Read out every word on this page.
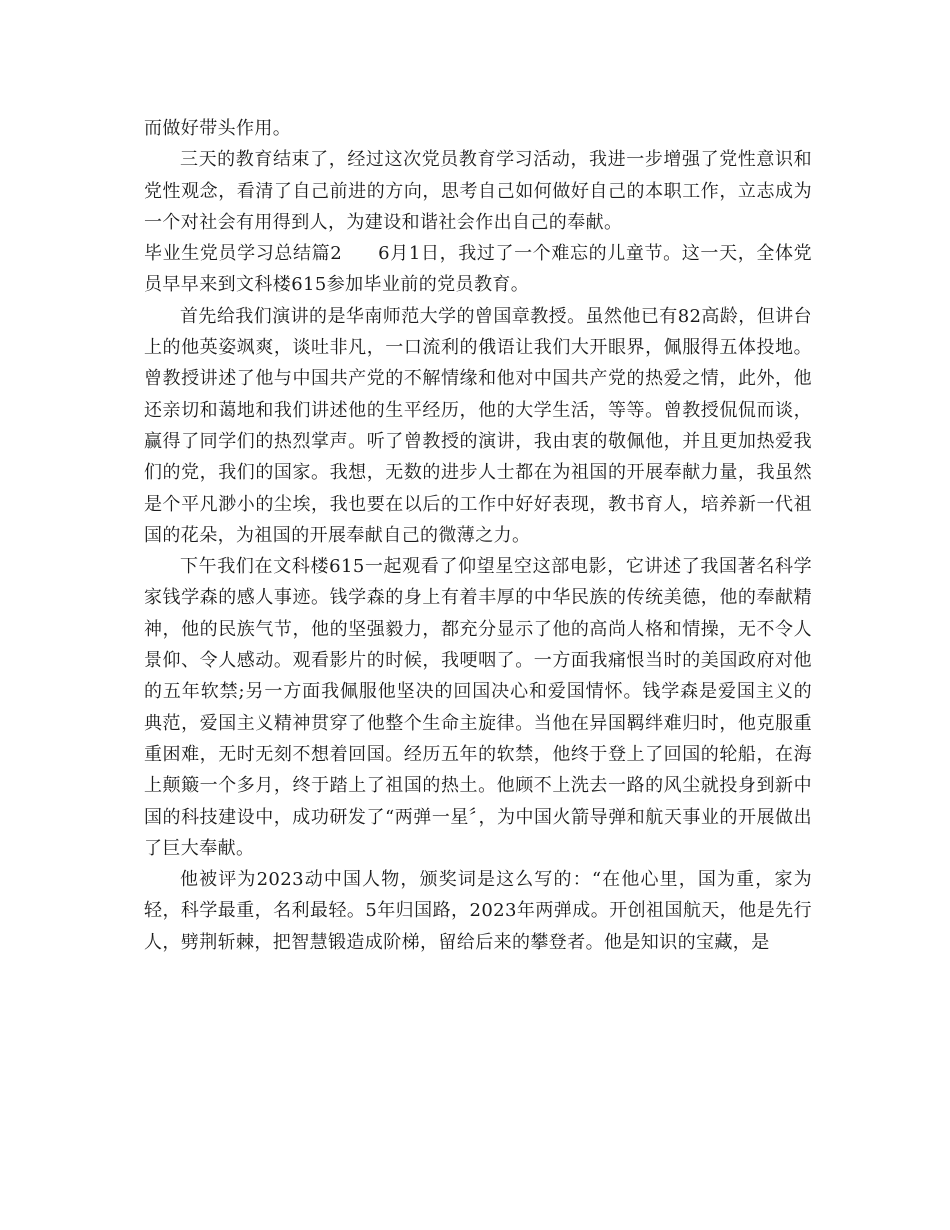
而做好带头作用。

三天的教育结束了，经过这次党员教育学习活动，我进一步增强了党性意识和党性观念，看清了自己前进的方向，思考自己如何做好自己的本职工作，立志成为一个对社会有用得到人，为建设和谐社会作出自己的奉献。

毕业生党员学习总结篇2 6月1日，我过了一个难忘的儿童节。这一天，全体党员早早来到文科楼615参加毕业前的党员教育。

首先给我们演讲的是华南师范大学的曾国章教授。虽然他已有82高龄，但讲台上的他英姿飒爽，谈吐非凡，一口流利的俄语让我们大开眼界，佩服得五体投地。曾教授讲述了他与中国共产党的不解情缘和他对中国共产党的热爱之情，此外，他还亲切和蔼地和我们讲述他的生平经历，他的大学生活，等等。曾教授侃侃而谈，赢得了同学们的热烈掌声。听了曾教授的演讲，我由衷的敬佩他，并且更加热爱我们的党，我们的国家。我想，无数的进步人士都在为祖国的开展奉献力量，我虽然是个平凡渺小的尘埃，我也要在以后的工作中好好表现，教书育人，培养新一代祖国的花朵，为祖国的开展奉献自己的微薄之力。

下午我们在文科楼615一起观看了仰望星空这部电影，它讲述了我国著名科学家钱学森的感人事迹。钱学森的身上有着丰厚的中华民族的传统美德，他的奉献精神，他的民族气节，他的坚强毅力，都充分显示了他的高尚人格和情操，无不令人景仰、令人感动。观看影片的时候，我哽咽了。一方面我痛恨当时的美国政府对他的五年软禁;另一方面我佩服他坚决的回国决心和爱国情怀。钱学森是爱国主义的典范，爱国主义精神贯穿了他整个生命主旋律。当他在异国羁绊难归时，他克服重重困难，无时无刻不想着回国。经历五年的软禁，他终于登上了回国的轮船，在海上颠簸一个多月，终于踏上了祖国的热土。他顾不上洗去一路的风尘就投身到新中国的科技建设中，成功研发了“两弹一星〞，为中国火箭导弹和航天事业的开展做出了巨大奉献。

他被评为2023动中国人物，颁奖词是这么写的：“在他心里，国为重，家为轻，科学最重，名利最轻。5年归国路，2023年两弹成。开创祖国航天，他是先行人，劈荆斩棘，把智慧锻造成阶梯，留给后来的攀登者。他是知识的宝藏，是
